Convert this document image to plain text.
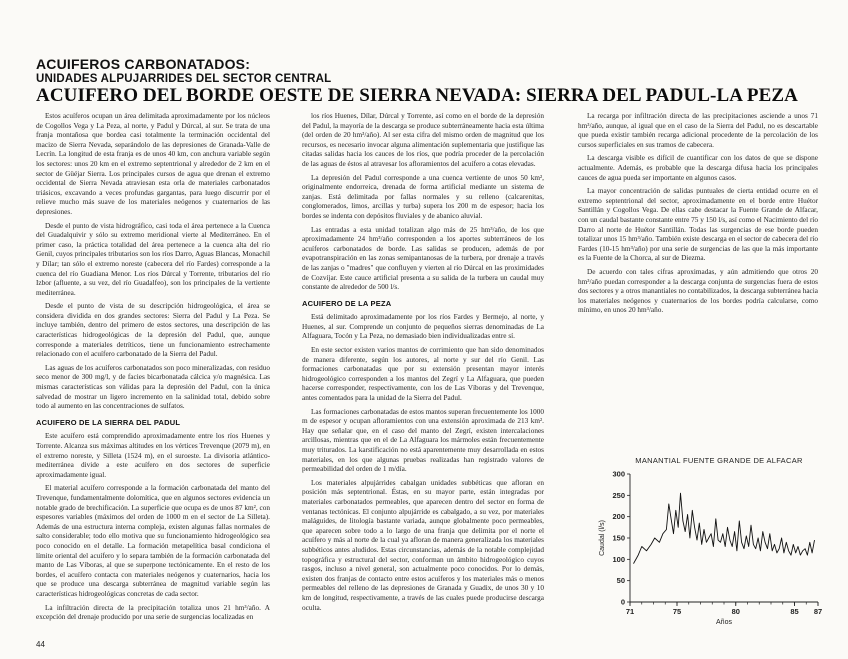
ACUIFEROS CARBONATADOS:
UNIDADES ALPUJARRIDES DEL SECTOR CENTRAL
ACUIFERO DEL BORDE OESTE DE SIERRA NEVADA: SIERRA DEL PADUL-LA PEZA

Estos acuíferos ocupan un área delimitada aproximadamente por los núcleos de Cogollos Vega y La Peza, al norte, y Padul y Dúrcal, al sur. Se trata de una franja montañosa que bordea casi totalmente la terminación occidental del macizo de Sierra Nevada, separándolo de las depresiones de Granada-Valle de Lecrín. La longitud de esta franja es de unos 40 km, con anchura variable según los sectores: unos 20 km en el extremo septentrional y alrededor de 2 km en el sector de Güéjar Sierra. Los principales cursos de agua que drenan el extremo occidental de Sierra Nevada atraviesan esta orla de materiales carbonatados triásicos, excavando a veces profundas gargantas, para luego discurrir por el relieve mucho más suave de los materiales neógenos y cuaternarios de las depresiones.

Desde el punto de vista hidrográfico, casi toda el área pertenece a la Cuenca del Guadalquivir y sólo su extremo meridional vierte al Mediterráneo. En el primer caso, la práctica totalidad del área pertenece a la cuenca alta del río Genil, cuyos principales tributarios son los ríos Darro, Aguas Blancas, Monachil y Dílar; tan sólo el extremo noreste (cabecera del río Fardes) corresponde a la cuenca del río Guadiana Menor. Los ríos Dúrcal y Torrente, tributarios del río Izbor (afluente, a su vez, del río Guadalfeo), son los principales de la vertiente mediterránea.

Desde el punto de vista de su descripción hidrogeológica, el área se considera dividida en dos grandes sectores: Sierra del Padul y La Peza. Se incluye también, dentro del primero de estos sectores, una descripción de las características hidrogeológicas de la depresión del Padul, que, aunque corresponde a materiales detríticos, tiene un funcionamiento estrechamente relacionado con el acuífero carbonatado de la Sierra del Padul.

Las aguas de los acuíferos carbonatados son poco mineralizadas, con residuo seco menor de 300 mg/l, y de facies bicarbonatada cálcica y/o magnésica. Las mismas características son válidas para la depresión del Padul, con la única salvedad de mostrar un ligero incremento en la salinidad total, debido sobre todo al aumento en las concentraciones de sulfatos.

ACUIFERO DE LA SIERRA DEL PADUL

Este acuífero está comprendido aproximadamente entre los ríos Huenes y Torrente. Alcanza sus máximas altitudes en los vértices Trevenque (2079 m), en el extremo noreste, y Silleta (1524 m), en el suroeste. La divisoria atlántico-mediterránea divide a este acuífero en dos sectores de superficie aproximadamente igual.

El material acuífero corresponde a la formación carbonatada del manto del Trevenque, fundamentalmente dolomítica, que en algunos sectores evidencia un notable grado de brechificación. La superficie que ocupa es de unos 87 km², con espesores variables (máximos del orden de 1000 m en el sector de La Silleta). Además de una estructura interna compleja, existen algunas fallas normales de salto considerable; todo ello motiva que su funcionamiento hidrogeológico sea poco conocido en el detalle. La formación metapelítica basal condiciona el límite oriental del acuífero y lo separa también de la formación carbonatada del manto de Las Víboras, al que se superpone tectónicamente. En el resto de los bordes, el acuífero contacta con materiales neógenos y cuaternarios, hacia los que se produce una descarga subterránea de magnitud variable según las características hidrogeológicas concretas de cada sector.

La infiltración directa de la precipitación totaliza unos 21 hm³/año. A excepción del drenaje producido por una serie de surgencias localizadas en

los ríos Huenes, Dílar, Dúrcal y Torrente, así como en el borde de la depresión del Padul, la mayoría de la descarga se produce subterráneamente hacia esta última (del orden de 20 hm³/año). Al ser esta cifra del mismo orden de magnitud que los recursos, es necesario invocar alguna alimentación suplementaria que justifique las citadas salidas hacia los cauces de los ríos, que podría proceder de la percolación de las aguas de éstos al atravesar los afloramientos del acuífero a cotas elevadas.

La depresión del Padul corresponde a una cuenca vertiente de unos 50 km², originalmente endorreica, drenada de forma artificial mediante un sistema de zanjas. Está delimitada por fallas normales y su relleno (calcarenitas, conglomerados, limos, arcillas y turba) supera los 200 m de espesor; hacia los bordes se indenta con depósitos fluviales y de abanico aluvial.

Las entradas a esta unidad totalizan algo más de 25 hm³/año, de los que aproximadamente 24 hm³/año corresponden a los aportes subterráneos de los acuíferos carbonatados de borde. Las salidas se producen, además de por evapotranspiración en las zonas semipantanosas de la turbera, por drenaje a través de las zanjas o "madres" que confluyen y vierten al río Dúrcal en las proximidades de Cozvíjar. Este cauce artificial presenta a su salida de la turbera un caudal muy constante de alrededor de 500 l/s.

ACUIFERO DE LA PEZA

Está delimitado aproximadamente por los ríos Fardes y Bermejo, al norte, y Huenes, al sur. Comprende un conjunto de pequeños sierras denominadas de La Alfaguara, Tocón y La Peza, no demasiado bien individualizadas entre sí.

En este sector existen varios mantos de corrimiento que han sido denominados de manera diferente, según los autores, al norte y sur del río Genil. Las formaciones carbonatadas que por su extensión presentan mayor interés hidrogeológico corresponden a los mantos del Zegrí y La Alfaguara, que pueden hacerse corresponder, respectivamente, con los de Las Víboras y del Trevenque, antes comentados para la unidad de la Sierra del Padul.

Las formaciones carbonatadas de estos mantos superan frecuentemente los 1000 m de espesor y ocupan afloramientos con una extensión aproximada de 213 km². Hay que señalar que, en el caso del manto del Zegrí, existen intercalaciones arcillosas, mientras que en el de La Alfaguara los mármoles están frecuentemente muy triturados. La karstificación no está aparentemente muy desarrollada en estos materiales, en los que algunas pruebas realizadas han registrado valores de permeabilidad del orden de 1 m/día.

Los materiales alpujárrides cabalgan unidades subbéticas que afloran en posición más septentrional. Éstas, en su mayor parte, están integradas por materiales carbonatados permeables, que aparecen dentro del sector en forma de ventanas tectónicas. El conjunto alpujárride es cabalgado, a su vez, por materiales maláguides, de litología bastante variada, aunque globalmente poco permeables, que aparecen sobre todo a lo largo de una franja que delimita por el norte el acuífero y más al norte de la cual ya afloran de manera generalizada los materiales subbéticos antes aludidos. Estas circunstancias, además de la notable complejidad topográfica y estructural del sector, conforman un ámbito hidrogeológico cuyos rasgos, incluso a nivel general, son actualmente poco conocidos. Por lo demás, existen dos franjas de contacto entre estos acuíferos y los materiales más o menos permeables del relleno de las depresiones de Granada y Guadix, de unos 30 y 10 km de longitud, respectivamente, a través de las cuales puede producirse descarga oculta.

La recarga por infiltración directa de las precipitaciones asciende a unos 71 hm³/año, aunque, al igual que en el caso de la Sierra del Padul, no es descartable que pueda existir también recarga adicional procedente de la percolación de los cursos superficiales en sus tramos de cabecera.

La descarga visible es difícil de cuantificar con los datos de que se dispone actualmente. Además, es probable que la descarga difusa hacia los principales cauces de agua pueda ser importante en algunos casos.

La mayor concentración de salidas puntuales de cierta entidad ocurre en el extremo septentrional del sector, aproximadamente en el borde entre Huétor Santillán y Cogollos Vega. De ellas cabe destacar la Fuente Grande de Alfacar, con un caudal bastante constante entre 75 y 150 l/s, así como el Nacimiento del río Darro al norte de Huétor Santillán. Todas las surgencias de ese borde pueden totalizar unos 15 hm³/año. También existe descarga en el sector de cabecera del río Fardes (10-15 hm³/año) por una serie de surgencias de las que la más importante es la Fuente de la Chorca, al sur de Diezma.

De acuerdo con tales cifras aproximadas, y aún admitiendo que otros 20 hm³/año puedan corresponder a la descarga conjunta de surgencias fuera de estos dos sectores y a otros manantiales no contabilizados, la descarga subterránea hacia los materiales neógenos y cuaternarios de los bordes podría calcularse, como mínimo, en unos 20 hm³/año.

MANANTIAL FUENTE GRANDE DE ALFACAR
0
50
100
150
200
250
300
71	75	80	85 87
Caudal (l/s)
Años
44
